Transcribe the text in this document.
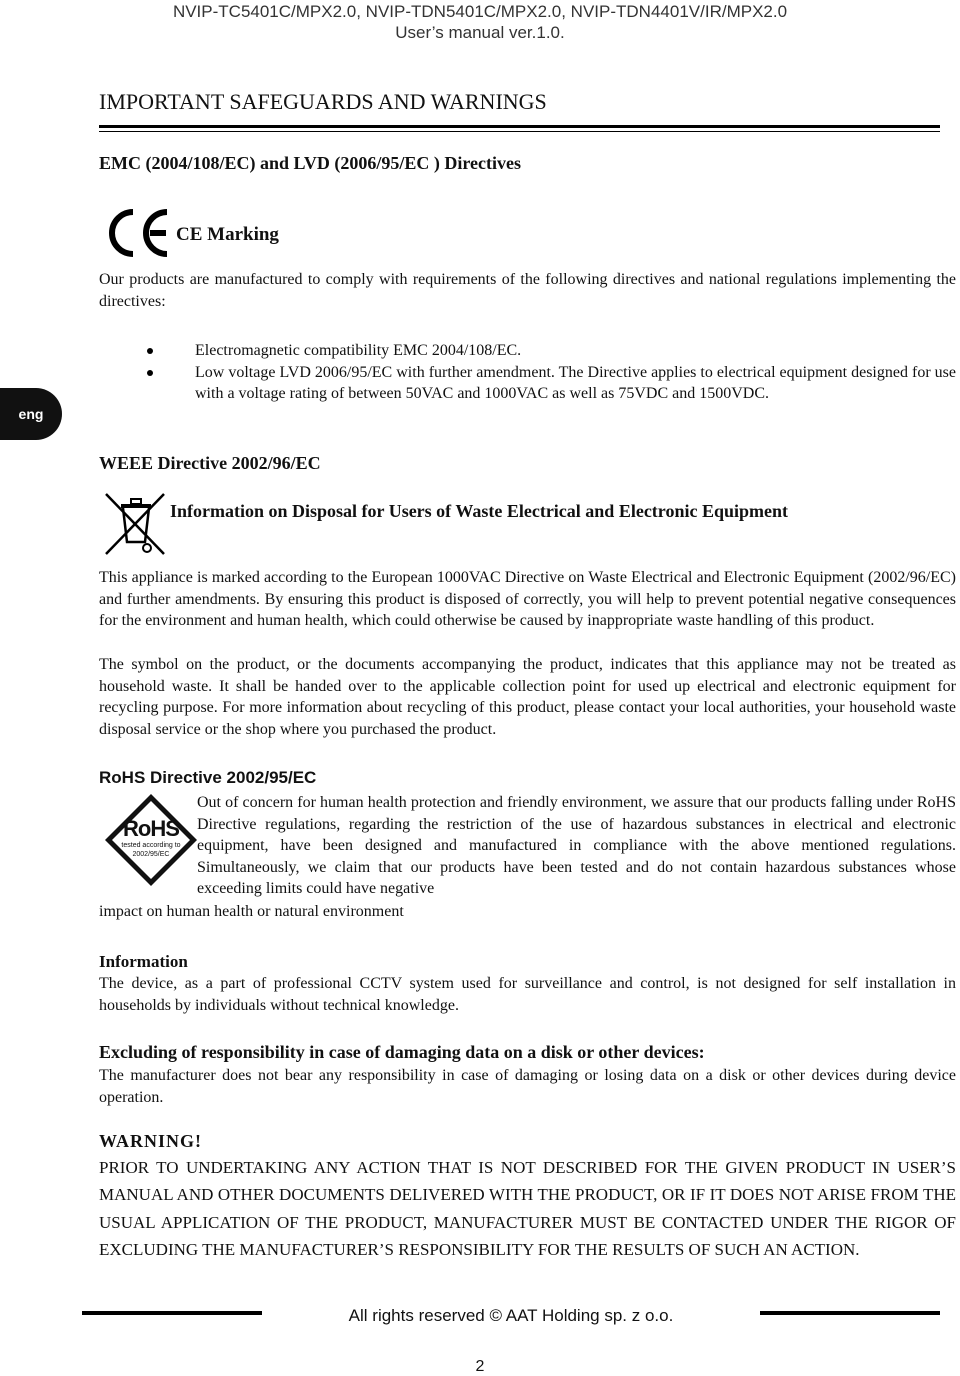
NVIP-TC5401C/MPX2.0, NVIP-TDN5401C/MPX2.0, NVIP-TDN4401V/IR/MPX2.0
User’s manual ver.1.0.
IMPORTANT SAFEGUARDS AND WARNINGS
EMC (2004/108/EC) and LVD (2006/95/EC ) Directives
CE Marking

Our products are manufactured to comply with requirements of the following directives and national regulations implementing the directives:

Electromagnetic compatibility EMC 2004/108/EC.
Low voltage LVD 2006/95/EC with further amendment. The Directive applies to electrical equipment designed for use with a voltage rating of between 50VAC and 1000VAC as well as 75VDC and 1500VDC.
eng
WEEE Directive 2002/96/EC
Information on Disposal for Users of Waste Electrical and Electronic Equipment

This appliance is marked according to the European 1000VAC Directive on Waste Electrical and Electronic Equipment (2002/96/EC) and further amendments. By ensuring this product is disposed of correctly, you will help to prevent potential negative consequences for the environment and human health, which could otherwise be caused by inappropriate waste handling of this product.

The symbol on the product, or the documents accompanying the product, indicates that this appliance may not be treated as household waste. It shall be handed over to the applicable collection point for used up electrical and electronic equipment for recycling purpose. For more information about recycling of this product, please contact your local authorities, your household waste disposal service or the shop where you purchased the product.

RoHS Directive 2002/95/EC
RoHS
tested according to
2002/95/EC

Out of concern for human health protection and friendly environment, we assure that our products falling under RoHS Directive regulations, regarding the restriction of the use of hazardous substances in electrical and electronic equipment, have been designed and manufactured in compliance with the above mentioned regulations. Simultaneously, we claim that our products have been tested and do not contain hazardous substances whose exceeding limits could have negative

impact on human health or natural environment

Information

The device, as a part of professional CCTV system used for surveillance and control, is not designed for self installation in households by individuals without technical knowledge.

Excluding of responsibility in case of damaging data on a disk or other devices:

The manufacturer does not bear any responsibility in case of damaging or losing data on a disk or other devices during device operation.

WARNING!

PRIOR TO UNDERTAKING ANY ACTION THAT IS NOT DESCRIBED FOR THE GIVEN PRODUCT IN USER’S MANUAL AND OTHER DOCUMENTS DELIVERED WITH THE PRODUCT, OR IF IT DOES NOT ARISE FROM THE USUAL APPLICATION OF THE PRODUCT, MANUFACTURER MUST BE CONTACTED UNDER THE RIGOR OF EXCLUDING THE MANUFACTURER’S RESPONSIBILITY FOR THE RESULTS OF SUCH AN ACTION.

All rights reserved © AAT Holding sp. z o.o.
2
